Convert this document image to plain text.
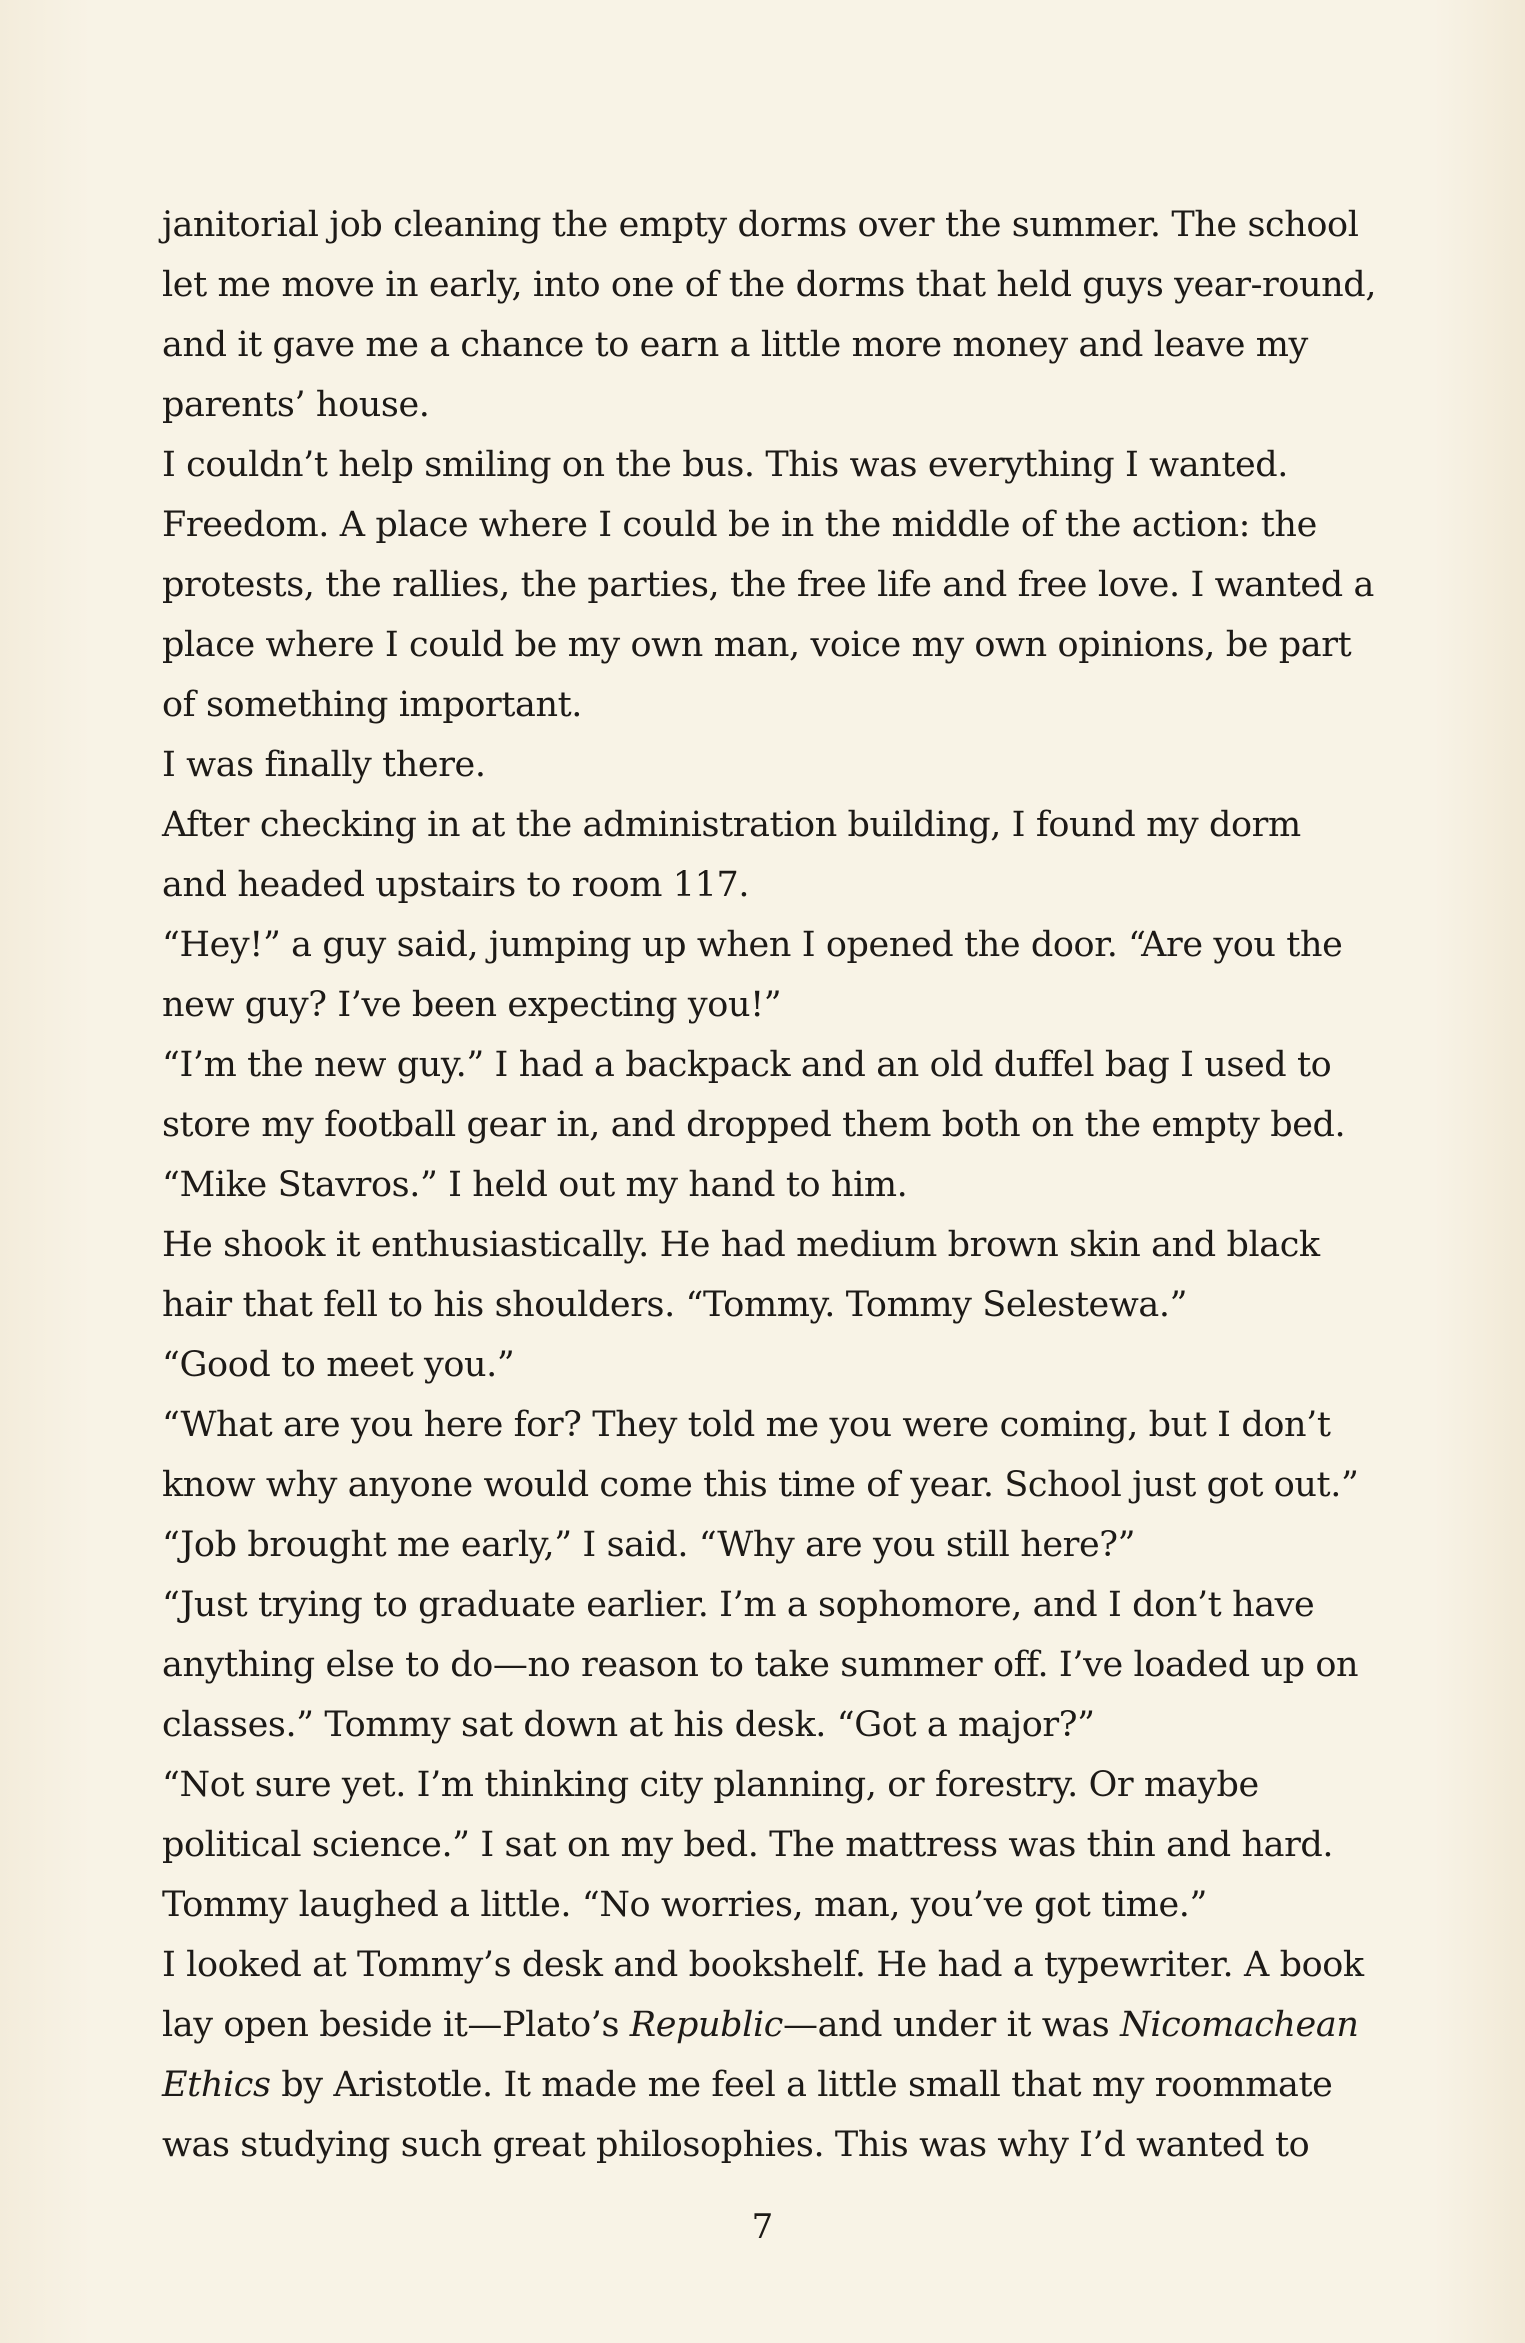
janitorial job cleaning the empty dorms over the summer. The school
let me move in early, into one of the dorms that held guys year-round,
and it gave me a chance to earn a little more money and leave my
parents’ house.
I couldn’t help smiling on the bus. This was everything I wanted.
Freedom. A place where I could be in the middle of the action: the
protests, the rallies, the parties, the free life and free love. I wanted a
place where I could be my own man, voice my own opinions, be part
of something important.
I was finally there.
After checking in at the administration building, I found my dorm
and headed upstairs to room 117.
“Hey!” a guy said, jumping up when I opened the door. “Are you the
new guy? I’ve been expecting you!”
“I’m the new guy.” I had a backpack and an old duffel bag I used to
store my football gear in, and dropped them both on the empty bed.
“Mike Stavros.” I held out my hand to him.
He shook it enthusiastically. He had medium brown skin and black
hair that fell to his shoulders. “Tommy. Tommy Selestewa.”
“Good to meet you.”
“What are you here for? They told me you were coming, but I don’t
know why anyone would come this time of year. School just got out.”
“Job brought me early,” I said. “Why are you still here?”
“Just trying to graduate earlier. I’m a sophomore, and I don’t have
anything else to do—no reason to take summer off. I’ve loaded up on
classes.” Tommy sat down at his desk. “Got a major?”
“Not sure yet. I’m thinking city planning, or forestry. Or maybe
political science.” I sat on my bed. The mattress was thin and hard.
Tommy laughed a little. “No worries, man, you’ve got time.”
I looked at Tommy’s desk and bookshelf. He had a typewriter. A book
lay open beside it—Plato’s Republic—and under it was Nicomachean
Ethics by Aristotle. It made me feel a little small that my roommate
was studying such great philosophies. This was why I’d wanted to
7
